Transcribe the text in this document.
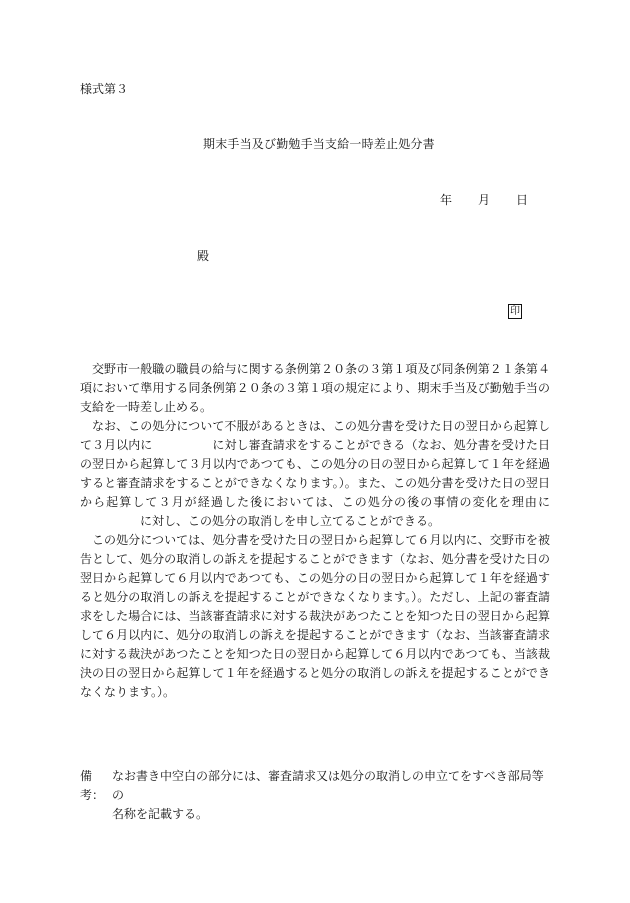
様式第３
期末手当及び勤勉手当支給一時差止処分書
年 月 日
殿
印

交野市一般職の職員の給与に関する条例第２０条の３第１項及び同条例第２１条第４項において準用する同条例第２０条の３第１項の規定により、期末手当及び勤勉手当の支給を一時差し止める。

なお、この処分について不服があるときは、この処分書を受けた日の翌日から起算して３月以内に	に対し審査請求をすることができる（なお、処分書を受けた日の翌日から起算して３月以内であつても、この処分の日の翌日から起算して１年を経過すると審査請求をすることができなくなります。）。また、この処分書を受けた日の翌日から起算して３月が経過した後においては、この処分の後の事情の変化を理由にに対し、この処分の取消しを申し立てることができる。

この処分については、処分書を受けた日の翌日から起算して６月以内に、交野市を被告として、処分の取消しの訴えを提起することができます（なお、処分書を受けた日の翌日から起算して６月以内であつても、この処分の日の翌日から起算して１年を経過すると処分の取消しの訴えを提起することができなくなります。）。ただし、上記の審査請求をした場合には、当該審査請求に対する裁決があつたことを知つた日の翌日から起算して６月以内に、処分の取消しの訴えを提起することができます（なお、当該審査請求に対する裁決があつたことを知つた日の翌日から起算して６月以内であつても、当該裁決の日の翌日から起算して１年を経過すると処分の取消しの訴えを提起することができなくなります。）。

備考：
なお書き中空白の部分には、審査請求又は処分の取消しの申立てをすべき部局等の
名称を記載する。
